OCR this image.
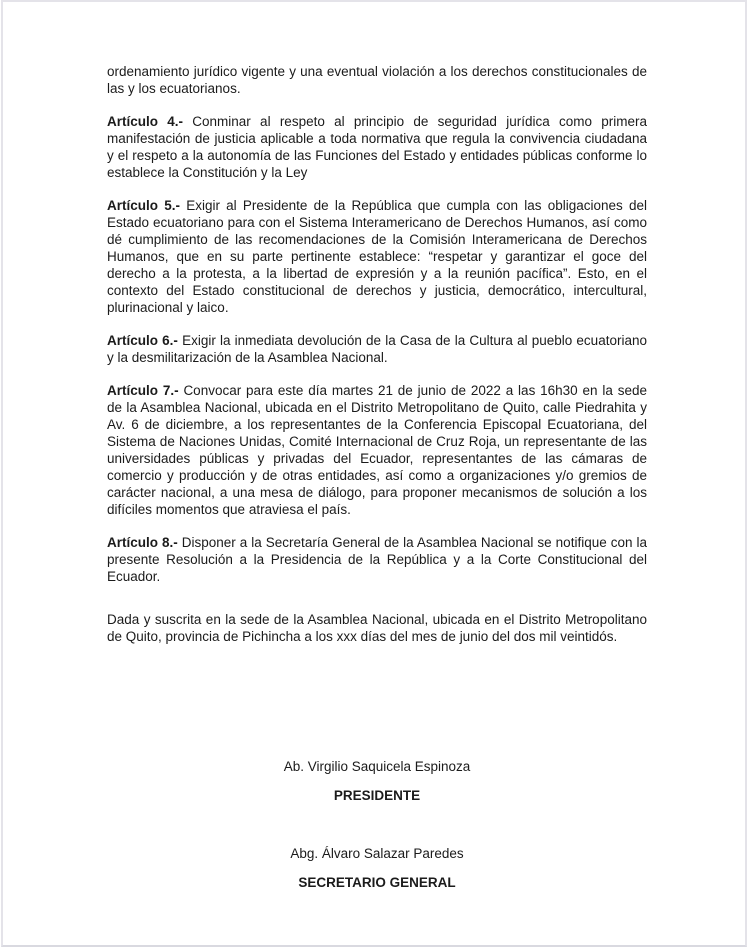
ordenamiento jurídico vigente y una eventual violación a los derechos constitucionales de las y los ecuatorianos.

Artículo 4.- Conminar al respeto al principio de seguridad jurídica como primera manifestación de justicia aplicable a toda normativa que regula la convivencia ciudadana y el respeto a la autonomía de las Funciones del Estado y entidades públicas conforme lo establece la Constitución y la Ley

Artículo 5.- Exigir al Presidente de la República que cumpla con las obligaciones del Estado ecuatoriano para con el Sistema Interamericano de Derechos Humanos, así como dé cumplimiento de las recomendaciones de la Comisión Interamericana de Derechos Humanos, que en su parte pertinente establece: “respetar y garantizar el goce del derecho a la protesta, a la libertad de expresión y a la reunión pacífica”. Esto, en el contexto del Estado constitucional de derechos y justicia, democrático, intercultural, plurinacional y laico.

Artículo 6.- Exigir la inmediata devolución de la Casa de la Cultura al pueblo ecuatoriano y la desmilitarización de la Asamblea Nacional.

Artículo 7.- Convocar para este día martes 21 de junio de 2022 a las 16h30 en la sede de la Asamblea Nacional, ubicada en el Distrito Metropolitano de Quito, calle Piedrahita y Av. 6 de diciembre, a los representantes de la Conferencia Episcopal Ecuatoriana, del Sistema de Naciones Unidas, Comité Internacional de Cruz Roja, un representante de las universidades públicas y privadas del Ecuador, representantes de las cámaras de comercio y producción y de otras entidades, así como a organizaciones y/o gremios de carácter nacional, a una mesa de diálogo, para proponer mecanismos de solución a los difíciles momentos que atraviesa el país.

Artículo 8.- Disponer a la Secretaría General de la Asamblea Nacional se notifique con la presente Resolución a la Presidencia de la República y a la Corte Constitucional del Ecuador.

Dada y suscrita en la sede de la Asamblea Nacional, ubicada en el Distrito Metropolitano de Quito, provincia de Pichincha a los xxx días del mes de junio del dos mil veintidós.

Ab. Virgilio Saquicela Espinoza
PRESIDENTE
Abg. Álvaro Salazar Paredes
SECRETARIO GENERAL
